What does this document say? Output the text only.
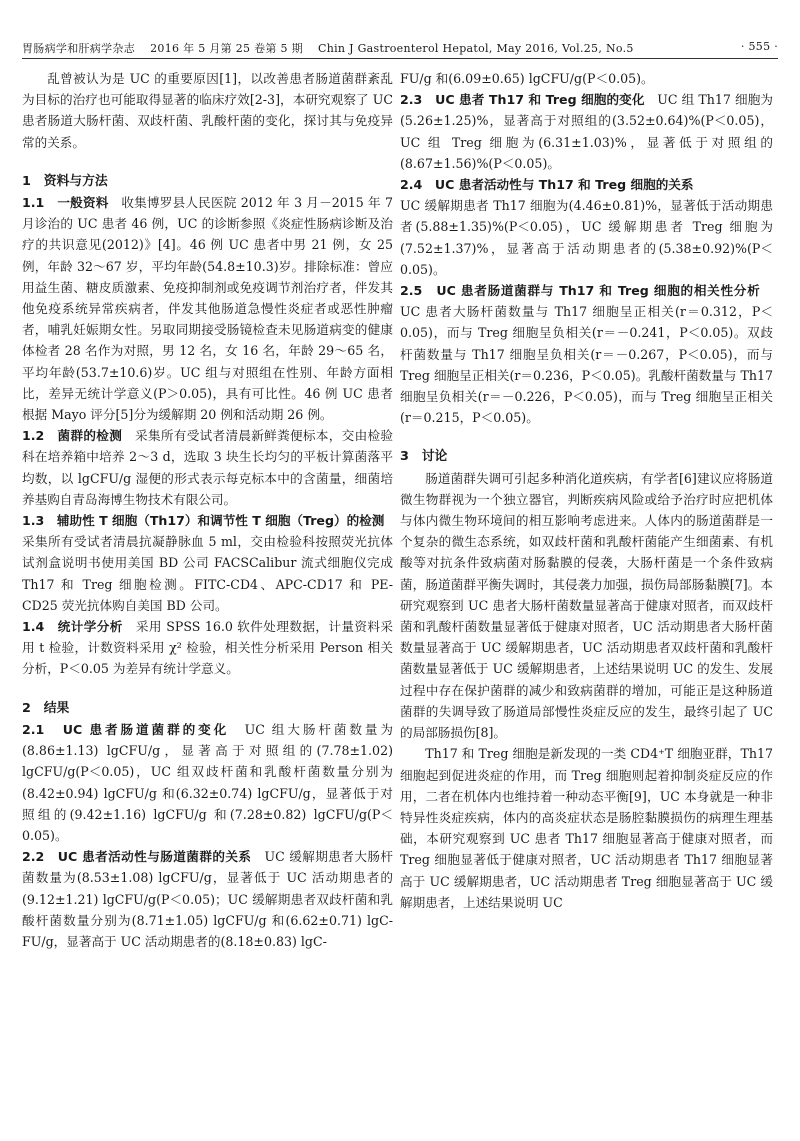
胃肠病学和肝病学杂志　 2016 年 5 月第 25 卷第 5 期　 Chin J Gastroenterol Hepatol, May 2016, Vol.25, No.5	· 555 ·

乱曾被认为是 UC 的重要原因[1]，以改善患者肠道菌群紊乱为目标的治疗也可能取得显著的临床疗效[2-3]，本研究观察了 UC 患者肠道大肠杆菌、双歧杆菌、乳酸杆菌的变化，探讨其与免疫异常的关系。

1　资料与方法

1.1　一般资料　收集博罗县人民医院 2012 年 3 月－2015 年 7 月诊治的 UC 患者 46 例，UC 的诊断参照《炎症性肠病诊断及治疗的共识意见(2012)》[4]。46 例 UC 患者中男 21 例，女 25 例，年龄 32～67 岁，平均年龄(54.8±10.3)岁。排除标准：曾应用益生菌、糖皮质激素、免疫抑制剂或免疫调节剂治疗者，伴发其他免疫系统异常疾病者，伴发其他肠道急慢性炎症者或恶性肿瘤者，哺乳妊娠期女性。另取同期接受肠镜检查未见肠道病变的健康体检者 28 名作为对照，男 12 名，女 16 名，年龄 29～65 名，平均年龄(53.7±10.6)岁。UC 组与对照组在性别、年龄方面相比，差异无统计学意义(P＞0.05)，具有可比性。46 例 UC 患者根据 Mayo 评分[5]分为缓解期 20 例和活动期 26 例。

1.2　菌群的检测　采集所有受试者清晨新鲜粪便标本，交由检验科在培养箱中培养 2～3 d，选取 3 块生长均匀的平板计算菌落平均数，以 lgCFU/g 湿便的形式表示每克标本中的含菌量，细菌培养基购自青岛海博生物技术有限公司。

1.3　辅助性 T 细胞（Th17）和调节性 T 细胞（Treg）的检测　采集所有受试者清晨抗凝静脉血 5 ml，交由检验科按照荧光抗体试剂盒说明书使用美国 BD 公司 FACSCalibur 流式细胞仪完成 Th17 和 Treg 细胞检测。FITC-CD4、APC-CD17 和 PE-CD25 荧光抗体购自美国 BD 公司。

1.4　统计学分析　采用 SPSS 16.0 软件处理数据，计量资料采用 t 检验，计数资料采用 χ² 检验，相关性分析采用 Person 相关分析，P＜0.05 为差异有统计学意义。

2　结果

2.1　UC 患者肠道菌群的变化　UC 组大肠杆菌数量为(8.86±1.13) lgCFU/g，显著高于对照组的(7.78±1.02) lgCFU/g(P＜0.05)，UC 组双歧杆菌和乳酸杆菌数量分别为(8.42±0.94) lgCFU/g 和(6.32±0.74) lgCFU/g，显著低于对照组的(9.42±1.16) lgCFU/g 和(7.28±0.82) lgCFU/g(P＜0.05)。

2.2　UC 患者活动性与肠道菌群的关系　UC 缓解期患者大肠杆菌数量为(8.53±1.08) lgCFU/g，显著低于 UC 活动期患者的(9.12±1.21) lgCFU/g(P＜0.05)；UC 缓解期患者双歧杆菌和乳酸杆菌数量分别为(8.71±1.05) lgCFU/g 和(6.62±0.71) lgC-FU/g，显著高于 UC 活动期患者的(8.18±0.83) lgC-

FU/g 和(6.09±0.65) lgCFU/g(P＜0.05)。

2.3　UC 患者 Th17 和 Treg 细胞的变化　UC 组 Th17 细胞为(5.26±1.25)%，显著高于对照组的(3.52±0.64)%(P＜0.05)，UC 组 Treg 细胞为(6.31±1.03)%，显著低于对照组的(8.67±1.56)%(P＜0.05)。

2.4　UC 患者活动性与 Th17 和 Treg 细胞的关系
UC 缓解期患者 Th17 细胞为(4.46±0.81)%，显著低于活动期患者(5.88±1.35)%(P＜0.05)，UC 缓解期患者 Treg 细胞为(7.52±1.37)%，显著高于活动期患者的(5.38±0.92)%(P＜0.05)。

2.5　UC 患者肠道菌群与 Th17 和 Treg 细胞的相关性分析　UC 患者大肠杆菌数量与 Th17 细胞呈正相关(r＝0.312，P＜0.05)，而与 Treg 细胞呈负相关(r＝－0.241，P＜0.05)。双歧杆菌数量与 Th17 细胞呈负相关(r＝－0.267，P＜0.05)，而与 Treg 细胞呈正相关(r＝0.236，P＜0.05)。乳酸杆菌数量与 Th17 细胞呈负相关(r＝－0.226，P＜0.05)，而与 Treg 细胞呈正相关(r＝0.215，P＜0.05)。

3　讨论

肠道菌群失调可引起多种消化道疾病，有学者[6]建议应将肠道微生物群视为一个独立器官，判断疾病风险或给予治疗时应把机体与体内微生物环境间的相互影响考虑进来。人体内的肠道菌群是一个复杂的微生态系统，如双歧杆菌和乳酸杆菌能产生细菌素、有机酸等对抗条件致病菌对肠黏膜的侵袭，大肠杆菌是一个条件致病菌，肠道菌群平衡失调时，其侵袭力加强，损伤局部肠黏膜[7]。本研究观察到 UC 患者大肠杆菌数量显著高于健康对照者，而双歧杆菌和乳酸杆菌数量显著低于健康对照者，UC 活动期患者大肠杆菌数量显著高于 UC 缓解期患者，UC 活动期患者双歧杆菌和乳酸杆菌数量显著低于 UC 缓解期患者，上述结果说明 UC 的发生、发展过程中存在保护菌群的减少和致病菌群的增加，可能正是这种肠道菌群的失调导致了肠道局部慢性炎症反应的发生，最终引起了 UC 的局部肠损伤[8]。

Th17 和 Treg 细胞是新发现的一类 CD4⁺T 细胞亚群，Th17 细胞起到促进炎症的作用，而 Treg 细胞则起着抑制炎症反应的作用，二者在机体内也维持着一种动态平衡[9]，UC 本身就是一种非特异性炎症疾病，体内的高炎症状态是肠腔黏膜损伤的病理生理基础，本研究观察到 UC 患者 Th17 细胞显著高于健康对照者，而 Treg 细胞显著低于健康对照者，UC 活动期患者 Th17 细胞显著高于 UC 缓解期患者，UC 活动期患者 Treg 细胞显著高于 UC 缓解期患者，上述结果说明 UC
